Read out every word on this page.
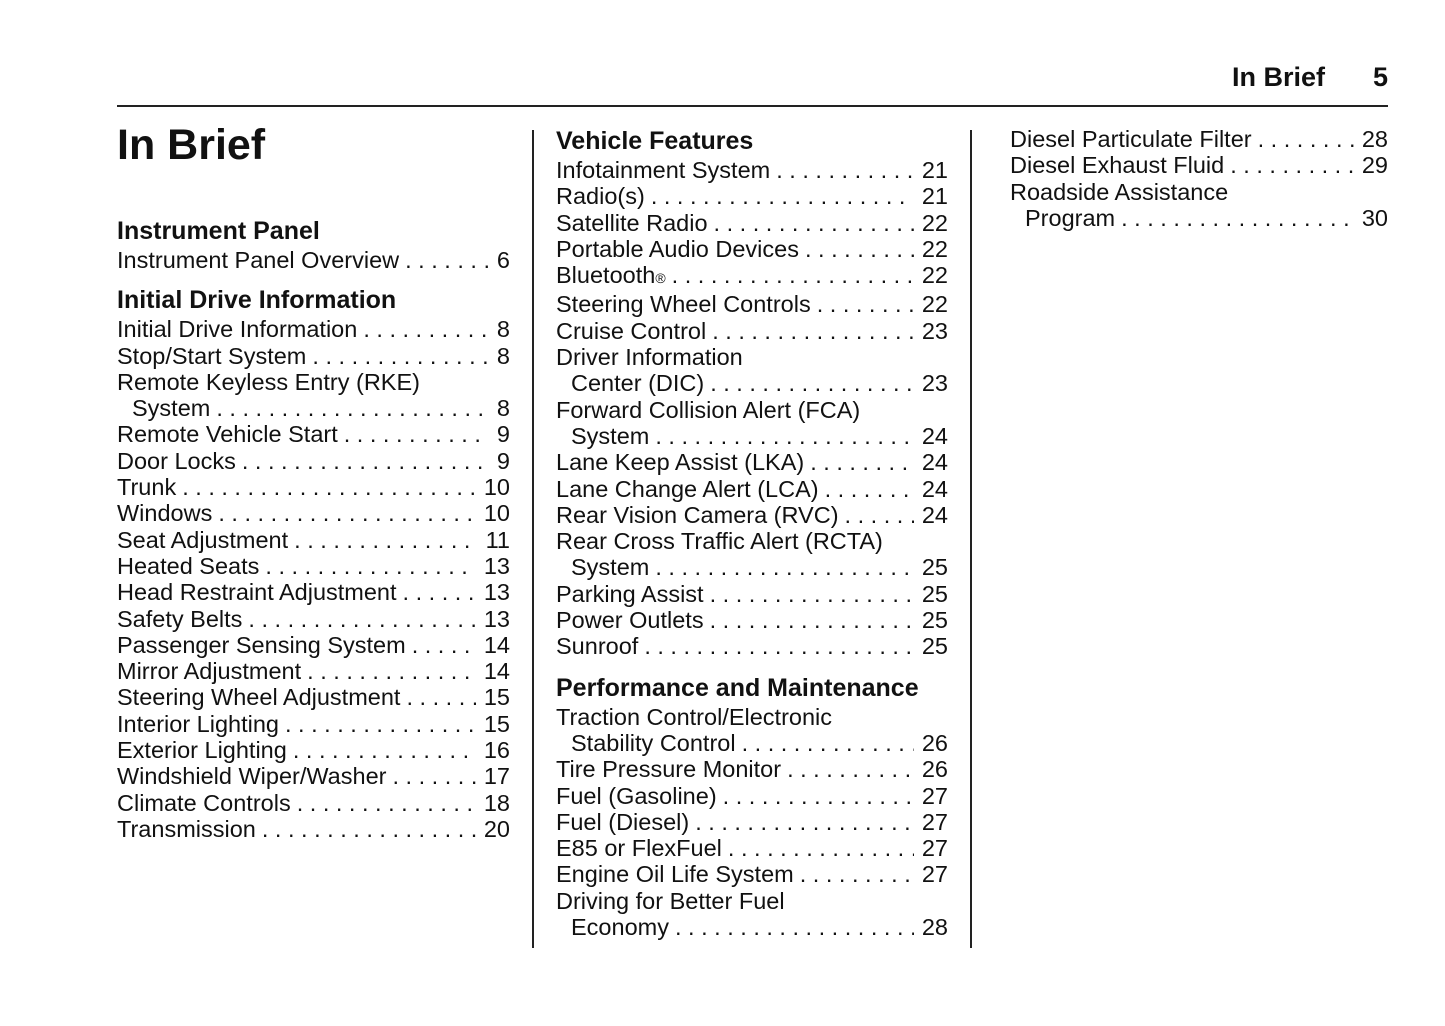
In Brief 5
In Brief
Instrument Panel
Instrument Panel Overview . . .	6
Initial Drive Information
Initial Drive Information . . .	8
Stop/Start System . . .	8
Remote Keyless Entry (RKE)
System . . .	8
Remote Vehicle Start . . .	9
Door Locks . . .	9
Trunk . . .	10
Windows . . .	10
Seat Adjustment . . .	11
Heated Seats . . .	13
Head Restraint Adjustment . . .	13
Safety Belts . . .	13
Passenger Sensing System . . .	14
Mirror Adjustment . . .	14
Steering Wheel Adjustment . . .	15
Interior Lighting . . .	15
Exterior Lighting . . .	16
Windshield Wiper/Washer . . .	17
Climate Controls . . .	18
Transmission . . .	20
Vehicle Features
Infotainment System . . .	21
Radio(s) . . .	21
Satellite Radio . . .	22
Portable Audio Devices . . .	22
Bluetooth ® . . .	22
Steering Wheel Controls . . .	22
Cruise Control . . .	23
Driver Information
Center (DIC) . . .	23
Forward Collision Alert (FCA)
System . . .	24
Lane Keep Assist (LKA) . . .	24
Lane Change Alert (LCA) . . .	24
Rear Vision Camera (RVC) . . .	24
Rear Cross Traffic Alert (RCTA)
System . . .	25
Parking Assist . . .	25
Power Outlets . . .	25
Sunroof . . .	25
Performance and Maintenance
Traction Control/Electronic
Stability Control . . .	26
Tire Pressure Monitor . . .	26
Fuel (Gasoline) . . .	27
Fuel (Diesel) . . .	27
E85 or FlexFuel . . .	27
Engine Oil Life System . . .	27
Driving for Better Fuel
Economy . . .	28
Diesel Particulate Filter . . .	28
Diesel Exhaust Fluid . . .	29
Roadside Assistance
Program . . .	30
